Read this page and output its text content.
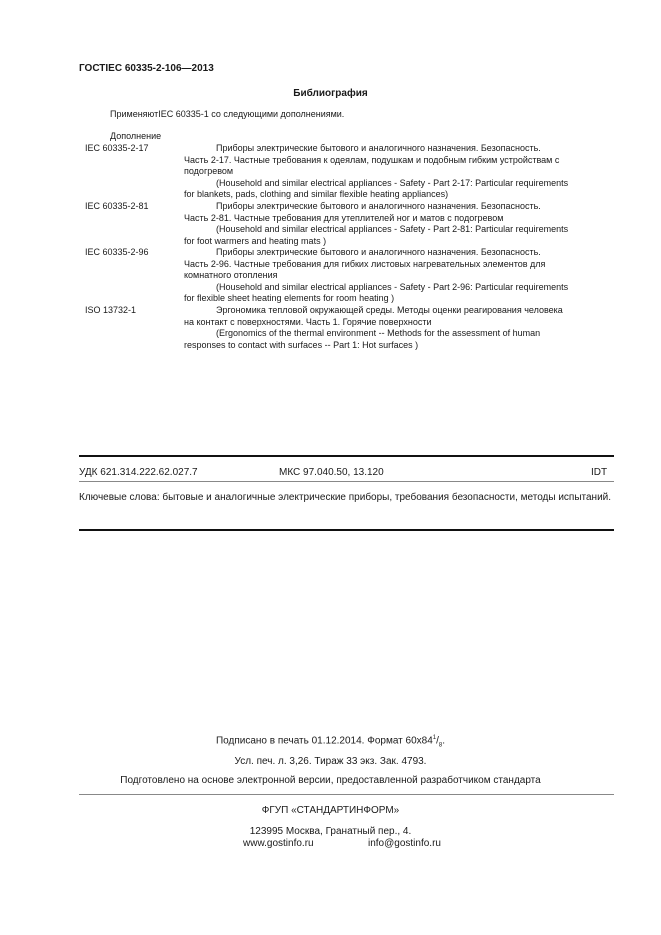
ГОСТIEC 60335-2-106—2013
Библиография
ПрименяютIEC 60335-1 со следующими дополнениями.
Дополнение
IEC 60335-2-17	Приборы электрические бытового и аналогичного назначения. Безопасность.
Часть 2-17. Частные требования к одеялам, подушкам и подобным гибким устройствам с
подогревом
(Household and similar electrical appliances - Safety - Part 2-17: Particular requirements
for blankets, pads, clothing and similar flexible heating appliances)
IEC 60335-2-81	Приборы электрические бытового и аналогичного назначения. Безопасность.
Часть 2-81. Частные требования для утеплителей ног и матов с подогревом
(Household and similar electrical appliances - Safety - Part 2-81: Particular requirements
for foot warmers and heating mats )
IEC 60335-2-96	Приборы электрические бытового и аналогичного назначения. Безопасность.
Часть 2-96. Частные требования для гибких листовых нагревательных элементов для
комнатного отопления
(Household and similar electrical appliances - Safety - Part 2-96: Particular requirements
for flexible sheet heating elements for room heating )
ISO 13732-1	Эргономика тепловой окружающей среды. Методы оценки реагирования человека
на контакт с поверхностями. Часть 1. Горячие поверхности
(Ergonomics of the thermal environment -- Methods for the assessment of human
responses to contact with surfaces -- Part 1: Hot surfaces )
УДК 621.314.222.62.027.7	МКС 97.040.50, 13.120	IDT
Ключевые слова: бытовые и аналогичные электрические приборы, требования безопасности, методы испытаний.
Подписано в печать 01.12.2014. Формат $60х84^1/_8$.
Усл. печ. л. 3,26. Тираж 33 экз. Зак. 4793.
Подготовлено на основе электронной версии, предоставленной разработчиком стандарта
ФГУП «СТАНДАРТИНФОРМ»
123995 Москва, Гранатный пер., 4.
www.gostinfo.ru	info@gostinfo.ru
